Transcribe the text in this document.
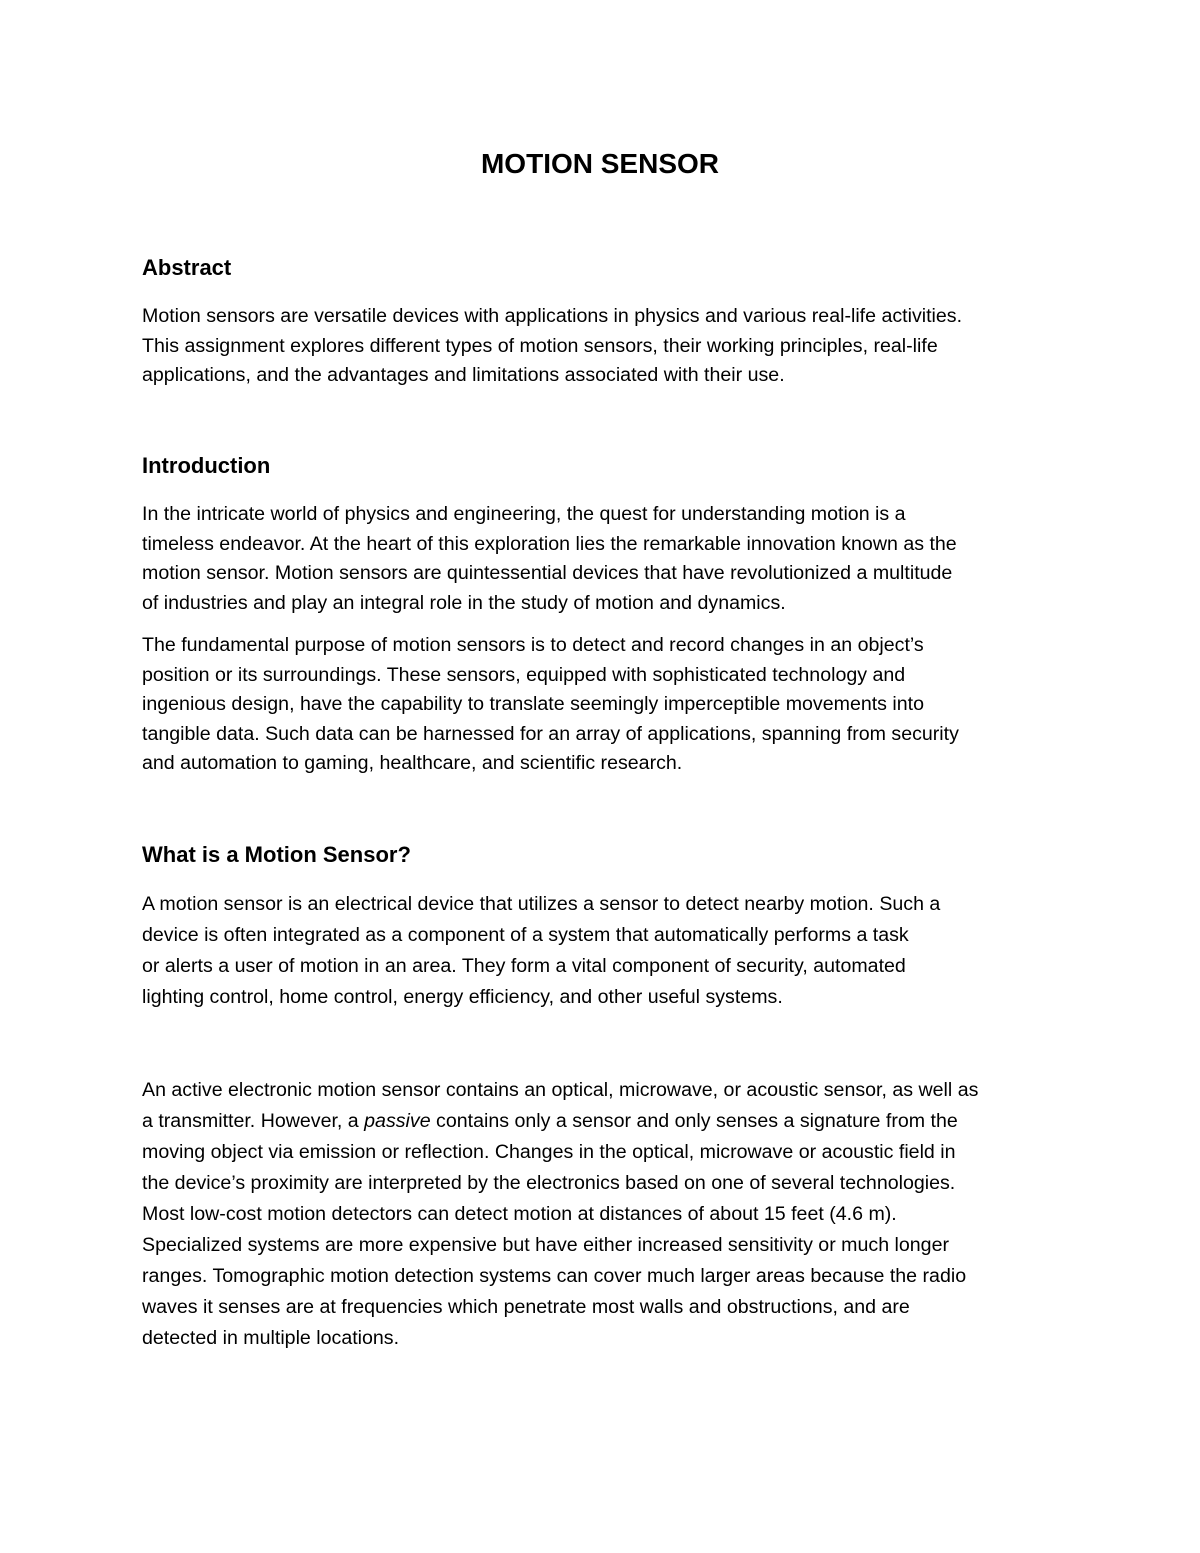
MOTION SENSOR
Abstract

Motion sensors are versatile devices with applications in physics and various real-life activities.
This assignment explores different types of motion sensors, their working principles, real-life
applications, and the advantages and limitations associated with their use.

Introduction

In the intricate world of physics and engineering, the quest for understanding motion is a
timeless endeavor. At the heart of this exploration lies the remarkable innovation known as the
motion sensor. Motion sensors are quintessential devices that have revolutionized a multitude
of industries and play an integral role in the study of motion and dynamics.

The fundamental purpose of motion sensors is to detect and record changes in an object’s
position or its surroundings. These sensors, equipped with sophisticated technology and
ingenious design, have the capability to translate seemingly imperceptible movements into
tangible data. Such data can be harnessed for an array of applications, spanning from security
and automation to gaming, healthcare, and scientific research.

What is a Motion Sensor?

A motion sensor is an electrical device that utilizes a sensor to detect nearby motion. Such a
device is often integrated as a component of a system that automatically performs a task
or alerts a user of motion in an area. They form a vital component of security, automated
lighting control, home control, energy efficiency, and other useful systems.

An active electronic motion sensor contains an optical, microwave, or acoustic sensor, as well as
a transmitter. However, a passive contains only a sensor and only senses a signature from the
moving object via emission or reflection. Changes in the optical, microwave or acoustic field in
the device’s proximity are interpreted by the electronics based on one of several technologies.
Most low-cost motion detectors can detect motion at distances of about 15 feet (4.6 m).
Specialized systems are more expensive but have either increased sensitivity or much longer
ranges. Tomographic motion detection systems can cover much larger areas because the radio
waves it senses are at frequencies which penetrate most walls and obstructions, and are
detected in multiple locations.
